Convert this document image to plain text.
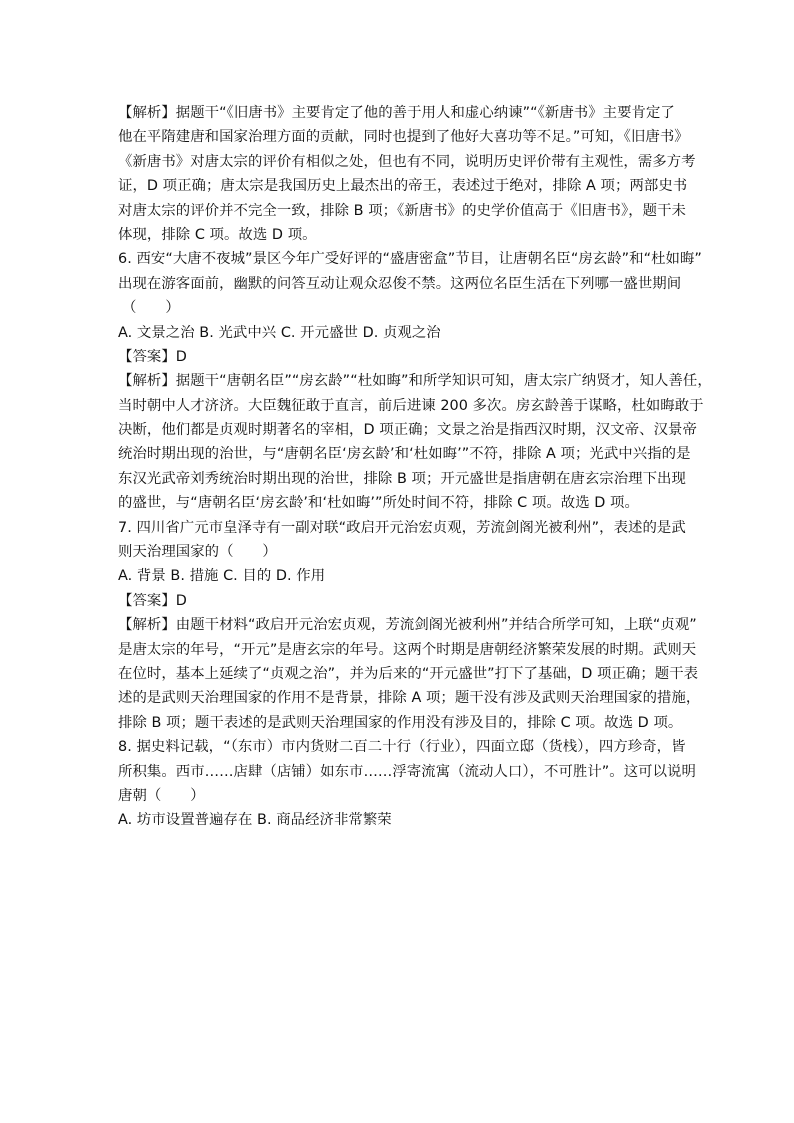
【解析】据题干“《旧唐书》主要肯定了他的善于用人和虚心纳谏”“《新唐书》主要肯定了
他在平隋建唐和国家治理方面的贡献，同时也提到了他好大喜功等不足。”可知，《旧唐书》
《新唐书》对唐太宗的评价有相似之处，但也有不同，说明历史评价带有主观性，需多方考
证，D 项正确；唐太宗是我国历史上最杰出的帝王，表述过于绝对，排除 A 项；两部史书
对唐太宗的评价并不完全一致，排除 B 项；《新唐书》的史学价值高于《旧唐书》，题干未
体现，排除 C 项。故选 D 项。
6. 西安“大唐不夜城”景区今年广受好评的“盛唐密盒”节目，让唐朝名臣“房玄龄”和“杜如晦”
出现在游客面前，幽默的问答互动让观众忍俊不禁。这两位名臣生活在下列哪一盛世期间
（　　）
A. 文景之治 B. 光武中兴 C. 开元盛世 D. 贞观之治
【答案】D
【解析】据题干“唐朝名臣”“房玄龄”“杜如晦”和所学知识可知，唐太宗广纳贤才，知人善任，
当时朝中人才济济。大臣魏征敢于直言，前后进谏 200 多次。房玄龄善于谋略，杜如晦敢于
决断，他们都是贞观时期著名的宰相，D 项正确；文景之治是指西汉时期，汉文帝、汉景帝
统治时期出现的治世，与“唐朝名臣‘房玄龄’和‘杜如晦’”不符，排除 A 项；光武中兴指的是
东汉光武帝刘秀统治时期出现的治世，排除 B 项；开元盛世是指唐朝在唐玄宗治理下出现
的盛世，与“唐朝名臣‘房玄龄’和‘杜如晦’”所处时间不符，排除 C 项。故选 D 项。
7. 四川省广元市皇泽寺有一副对联“政启开元治宏贞观，芳流剑阁光被利州”，表述的是武
则天治理国家的（　　）
A. 背景 B. 措施 C. 目的 D. 作用
【答案】D
【解析】由题干材料“政启开元治宏贞观，芳流剑阁光被利州”并结合所学可知，上联“贞观”
是唐太宗的年号，“开元”是唐玄宗的年号。这两个时期是唐朝经济繁荣发展的时期。武则天
在位时，基本上延续了“贞观之治”，并为后来的“开元盛世”打下了基础，D 项正确；题干表
述的是武则天治理国家的作用不是背景，排除 A 项；题干没有涉及武则天治理国家的措施，
排除 B 项；题干表述的是武则天治理国家的作用没有涉及目的，排除 C 项。故选 D 项。
8. 据史料记载，“（东市）市内货财二百二十行（行业），四面立邸（货栈），四方珍奇，皆
所积集。西市……店肆（店铺）如东市……浮寄流寓（流动人口），不可胜计”。这可以说明
唐朝（　　）
A. 坊市设置普遍存在 B. 商品经济非常繁荣
